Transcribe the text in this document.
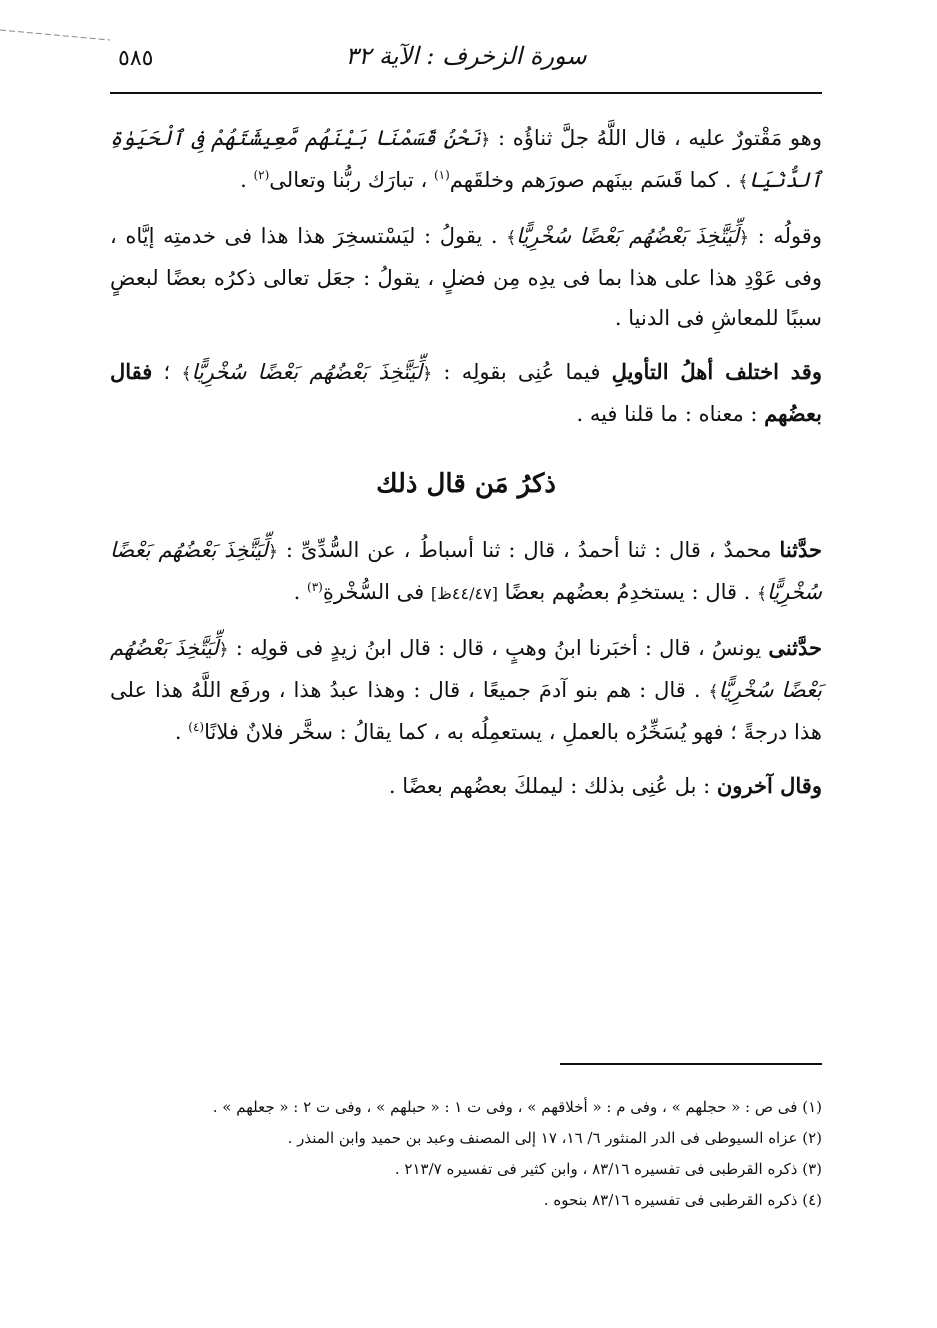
٥٨٥	سورة الزخرف : الآية ٣٢

وهو مَقْتورٌ عليه ، قال اللَّهُ جلَّ ثناؤُه : ﴿نَحْنُ قَسَمْنَا بَيْنَهُم مَّعِيشَتَهُمْ فِى ٱلْحَيَوٰةِ ٱلدُّنْيَا﴾ . كما قَسَم بينَهم صورَهم وخلقَهم$^{(١)}$ ، تبارَك ربُّنا وتعالى$^{(٢)}$ .

وقولُه : ﴿لِّيَتَّخِذَ بَعْضُهُم بَعْضًا سُخْرِيًّا﴾ . يقولُ : ليَسْتسخِرَ هذا هذا فى خدمتِه إيَّاه ، وفى عَوْدِ هذا على هذا بما فى يدِه مِن فضلٍ ، يقولُ : جعَل تعالى ذكرُه بعضًا لبعضٍ سببًا للمعاشِ فى الدنيا .

وقد اختلف أهلُ التأويلِ فيما عُنِى بقولِه : ﴿لِّيَتَّخِذَ بَعْضُهُم بَعْضًا سُخْرِيًّا﴾ ؛ فقال بعضُهم : معناه : ما قلنا فيه .

ذكرُ مَن قال ذلك

حدَّثنا محمدٌ ، قال : ثنا أحمدُ ، قال : ثنا أسباطُ ، عن السُّدِّىِّ : ﴿لِّيَتَّخِذَ بَعْضُهُم بَعْضًا سُخْرِيًّا﴾ . قال : يستخدِمُ بعضُهم بعضًا [٤٤/٤٧ظ] فى السُّخْرةِ$^{(٣)}$ .

حدَّثنى يونسُ ، قال : أخبَرنا ابنُ وهبٍ ، قال : قال ابنُ زيدٍ فى قولِه : ﴿لِّيَتَّخِذَ بَعْضُهُم بَعْضًا سُخْرِيًّا﴾ . قال : هم بنو آدمَ جميعًا ، قال : وهذا عبدُ هذا ، ورفَع اللَّهُ هذا على هذا درجةً ؛ فهو يُسَخِّرُه بالعملِ ، يستعمِلُه به ، كما يقالُ : سخَّر فلانٌ فلانًا$^{(٤)}$ .

وقال آخرون : بل عُنِى بذلك : ليملكَ بعضُهم بعضًا .

(١) فى ص : « حجلهم » ، وفى م : « أخلاقهم » ، وفى ت ١ : « حبلهم » ، وفى ت ٢ : « جعلهم » .
(٢) عزاه السيوطى فى الدر المنثور ٦/ ١٦، ١٧ إلى المصنف وعبد بن حميد وابن المنذر .
(٣) ذكره القرطبى فى تفسيره ٨٣/١٦ ، وابن كثير فى تفسيره ٢١٣/٧ .
(٤) ذكره القرطبى فى تفسيره ٨٣/١٦ بنحوه .
